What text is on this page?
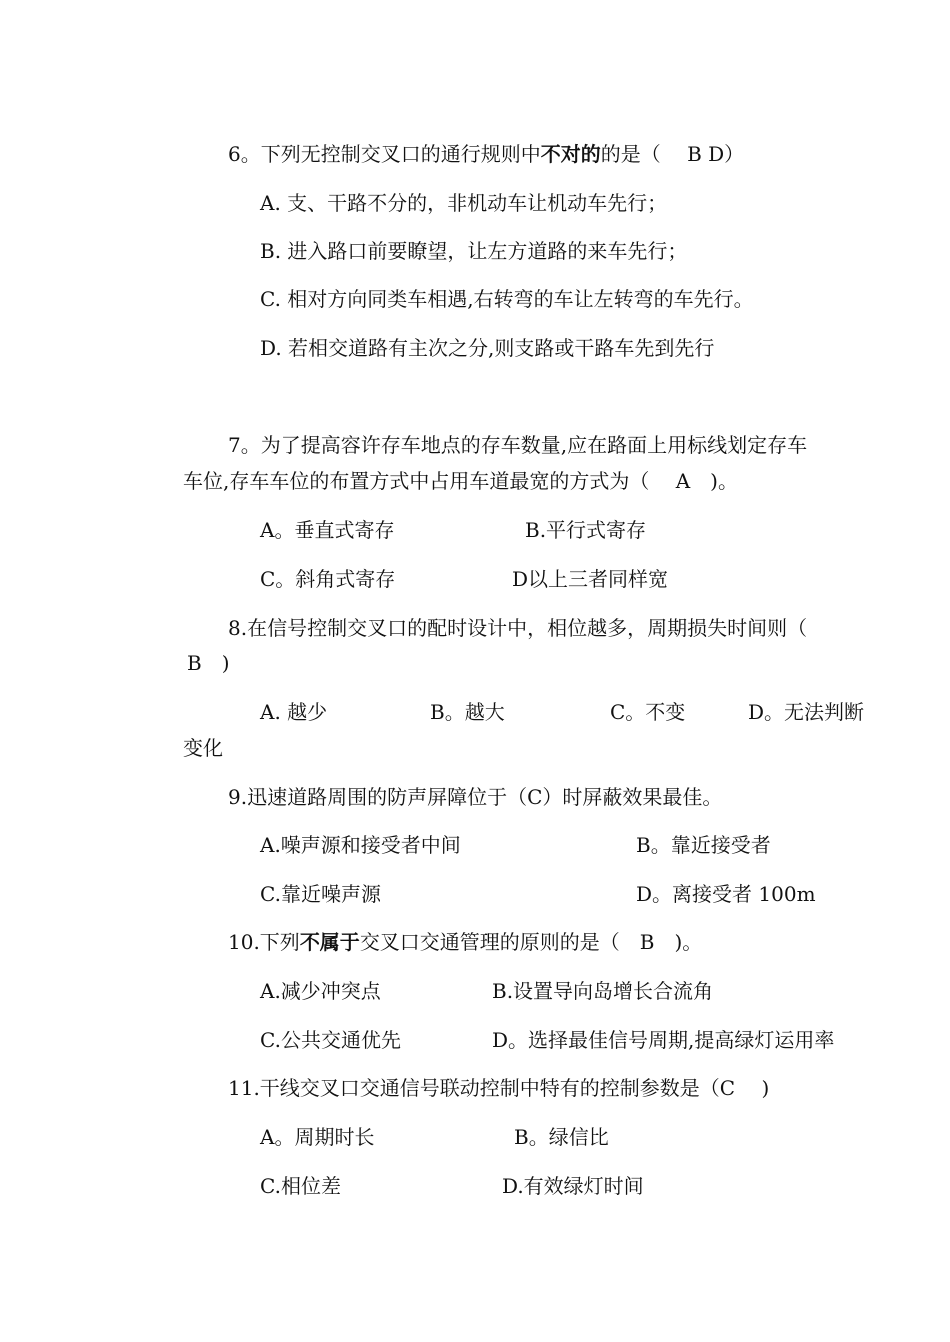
6。下列无控制交叉口的通行规则中不对的的是（　 B D）
A. 支、干路不分的，非机动车让机动车先行；
B. 进入路口前要瞭望，让左方道路的来车先行；
C. 相对方向同类车相遇,右转弯的车让左转弯的车先行。
D. 若相交道路有主次之分,则支路或干路车先到先行
7。为了提高容许存车地点的存车数量,应在路面上用标线划定存车
车位,存车车位的布置方式中占用车道最宽的方式为（　 A　)。
A。垂直式寄存	B.平行式寄存
C。斜角式寄存	D以上三者同样宽
8.在信号控制交叉口的配时设计中，相位越多，周期损失时间则（
B　)
A. 越少	B。越大	C。不变	D。无法判断
变化
9.迅速道路周围的防声屏障位于（C）时屏蔽效果最佳。
A.噪声源和接受者中间	B。靠近接受者
C.靠近噪声源	D。离接受者 100m
10.下列不属于交叉口交通管理的原则的是（　B　)。
A.减少冲突点	B.设置导向岛增长合流角
C.公共交通优先	D。选择最佳信号周期,提高绿灯运用率
11.干线交叉口交通信号联动控制中特有的控制参数是（C　 )
A。周期时长	B。绿信比
C.相位差	D.有效绿灯时间
